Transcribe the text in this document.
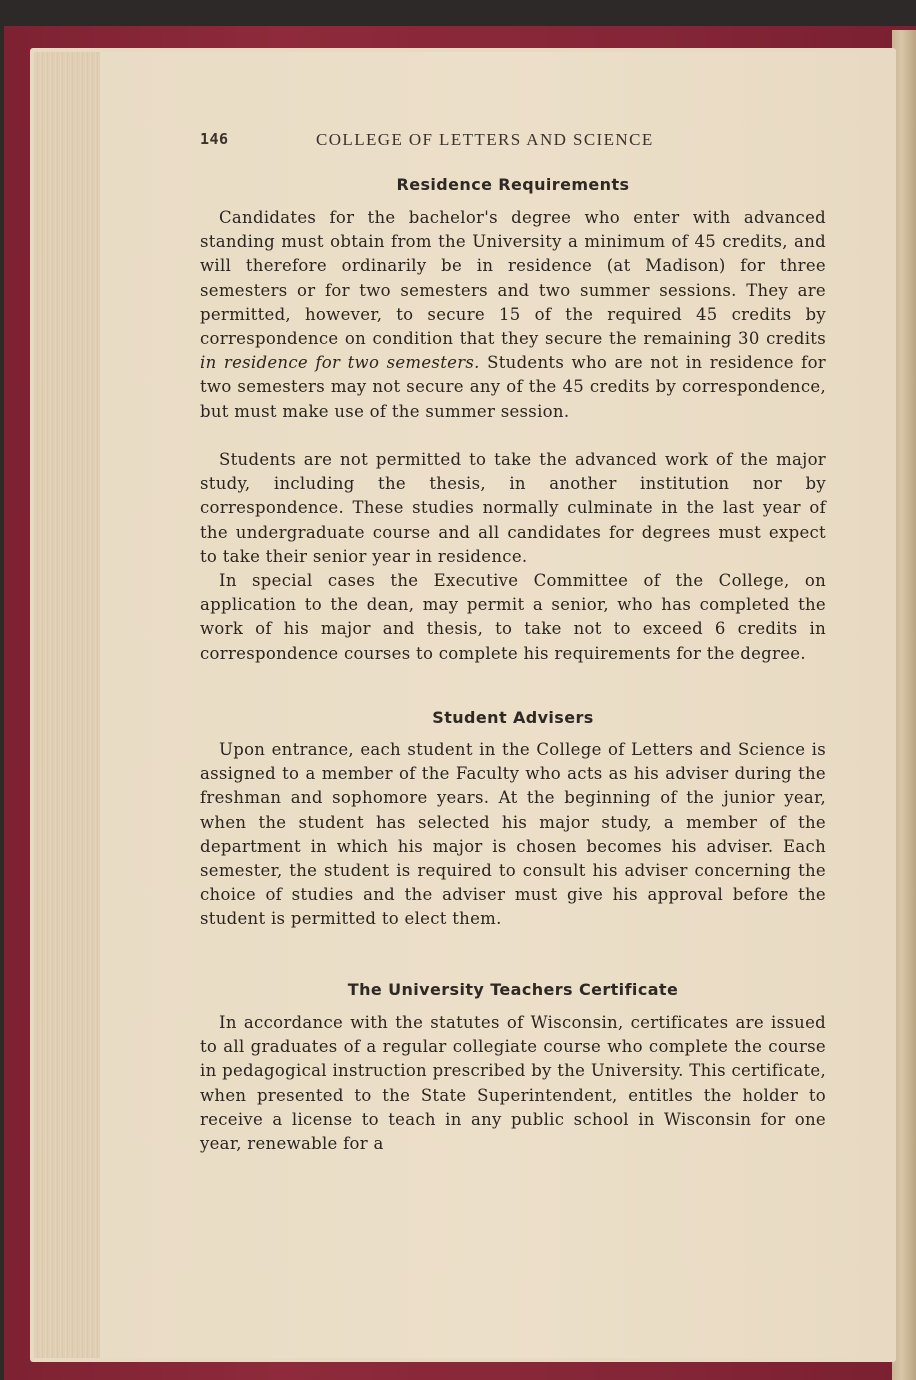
146	COLLEGE OF LETTERS AND SCIENCE
Residence Requirements

Candidates for the bachelor's degree who enter with advanced standing must obtain from the University a minimum of 45 credits, and will therefore ordinarily be in residence (at Madison) for three semesters or for two semesters and two summer sessions. They are permitted, however, to secure 15 of the required 45 credits by correspondence on condition that they secure the remaining 30 credits in residence for two semesters. Students who are not in residence for two semesters may not secure any of the 45 credits by correspondence, but must make use of the summer session.

Students are not permitted to take the advanced work of the major study, including the thesis, in another institution nor by correspondence. These studies normally culminate in the last year of the undergraduate course and all candidates for degrees must expect to take their senior year in residence.

In special cases the Executive Committee of the College, on application to the dean, may permit a senior, who has completed the work of his major and thesis, to take not to exceed 6 credits in correspondence courses to complete his requirements for the degree.

Student Advisers

Upon entrance, each student in the College of Letters and Science is assigned to a member of the Faculty who acts as his adviser during the freshman and sophomore years. At the beginning of the junior year, when the student has selected his major study, a member of the department in which his major is chosen becomes his adviser. Each semester, the student is required to consult his adviser concerning the choice of studies and the adviser must give his approval before the student is permitted to elect them.

The University Teachers Certificate

In accordance with the statutes of Wisconsin, certificates are issued to all graduates of a regular collegiate course who complete the course in pedagogical instruction prescribed by the University. This certificate, when presented to the State Superintendent, entitles the holder to receive a license to teach in any public school in Wisconsin for one year, renewable for a
